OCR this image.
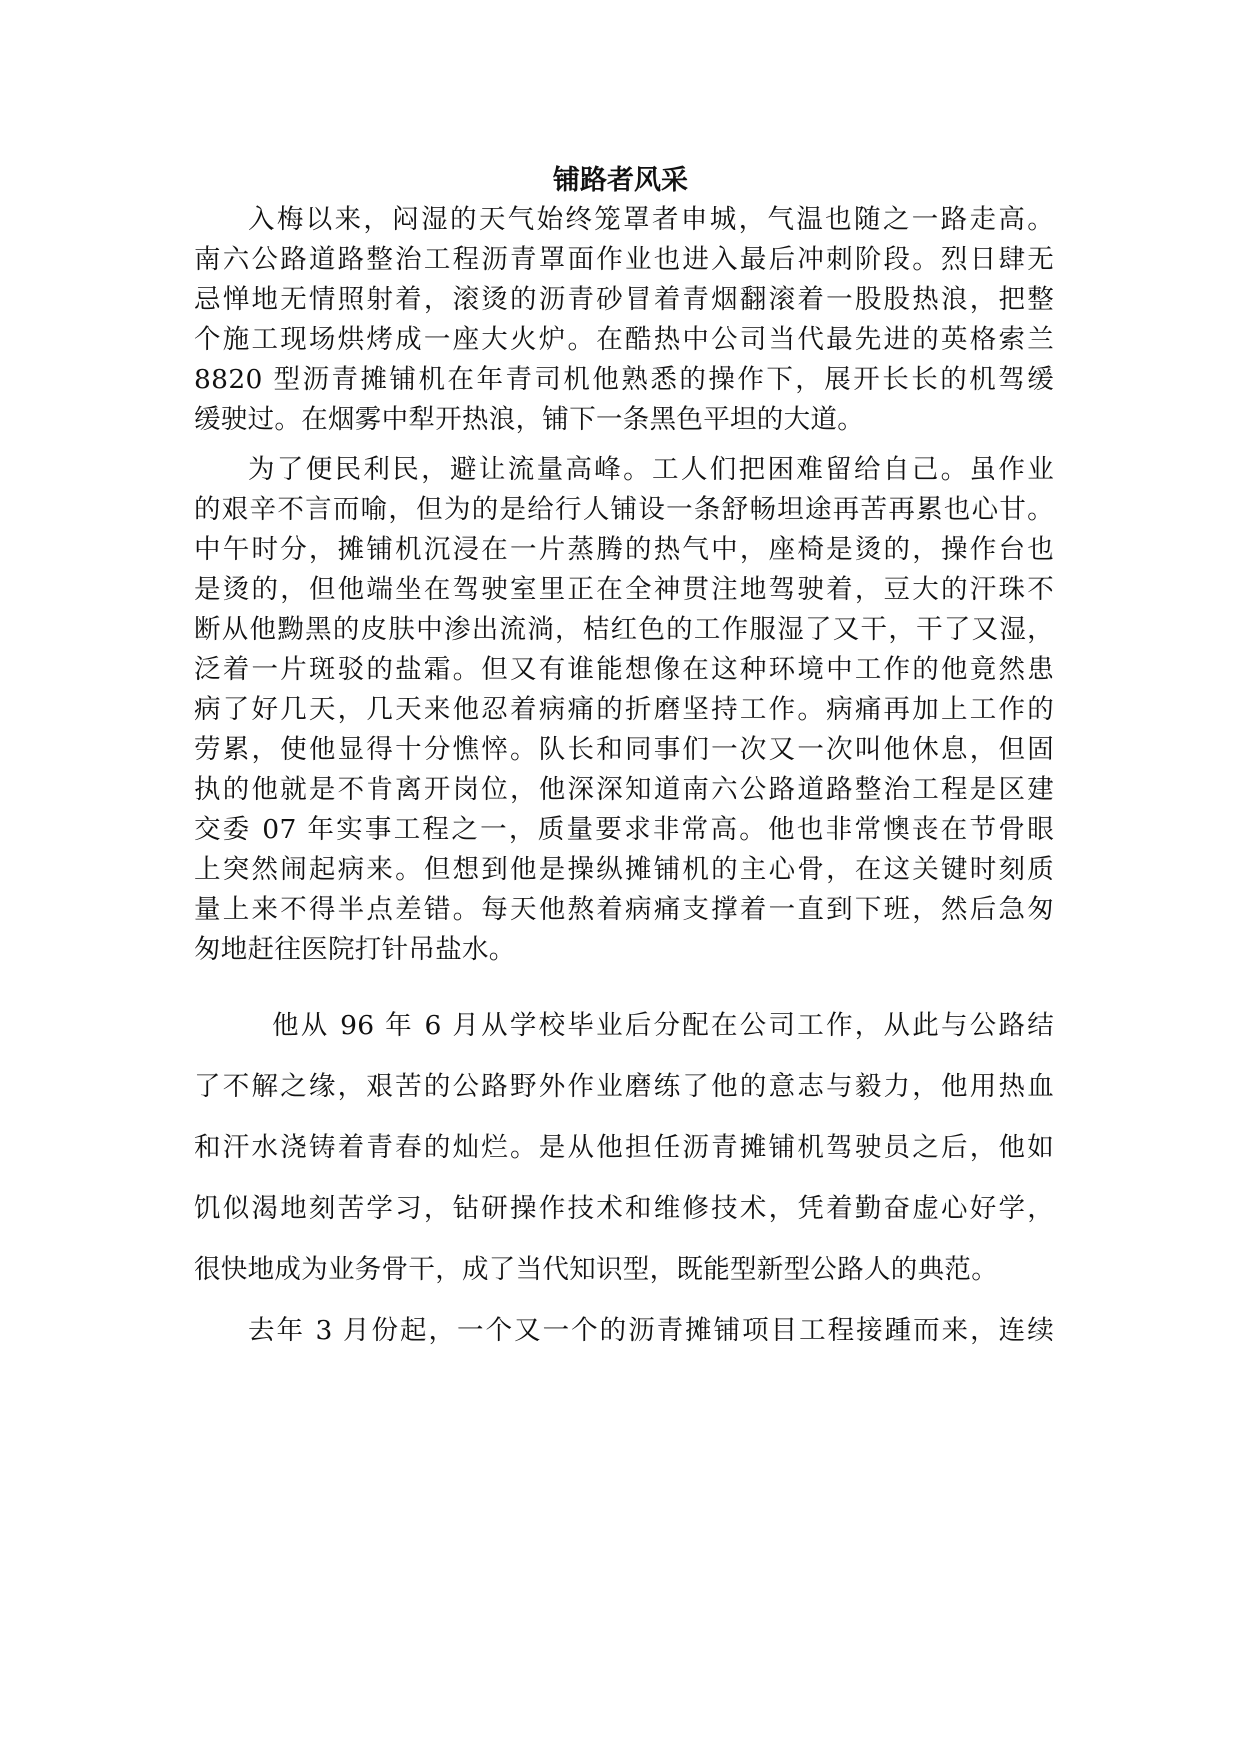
铺路者风采
入梅以来，闷湿的天气始终笼罩者申城，气温也随之一路走高。
南六公路道路整治工程沥青罩面作业也进入最后冲刺阶段。烈日肆无
忌惮地无情照射着，滚烫的沥青砂冒着青烟翻滚着一股股热浪，把整
个施工现场烘烤成一座大火炉。在酷热中公司当代最先进的英格索兰
8820 型沥青摊铺机在年青司机他熟悉的操作下，展开长长的机驾缓
缓驶过。在烟雾中犁开热浪，铺下一条黑色平坦的大道。
为了便民利民，避让流量高峰。工人们把困难留给自己。虽作业
的艰辛不言而喻，但为的是给行人铺设一条舒畅坦途再苦再累也心甘。
中午时分，摊铺机沉浸在一片蒸腾的热气中，座椅是烫的，操作台也
是烫的，但他端坐在驾驶室里正在全神贯注地驾驶着，豆大的汗珠不
断从他黝黑的皮肤中渗出流淌，桔红色的工作服湿了又干，干了又湿，
泛着一片斑驳的盐霜。但又有谁能想像在这种环境中工作的他竟然患
病了好几天，几天来他忍着病痛的折磨坚持工作。病痛再加上工作的
劳累，使他显得十分憔悴。队长和同事们一次又一次叫他休息，但固
执的他就是不肯离开岗位，他深深知道南六公路道路整治工程是区建
交委 07 年实事工程之一，质量要求非常高。他也非常懊丧在节骨眼
上突然闹起病来。但想到他是操纵摊铺机的主心骨，在这关键时刻质
量上来不得半点差错。每天他熬着病痛支撑着一直到下班，然后急匆
匆地赶往医院打针吊盐水。
他从 96 年 6 月从学校毕业后分配在公司工作，从此与公路结
了不解之缘，艰苦的公路野外作业磨练了他的意志与毅力，他用热血
和汗水浇铸着青春的灿烂。是从他担任沥青摊铺机驾驶员之后，他如
饥似渴地刻苦学习，钻研操作技术和维修技术，凭着勤奋虚心好学，
很快地成为业务骨干，成了当代知识型，既能型新型公路人的典范。
去年 3 月份起，一个又一个的沥青摊铺项目工程接踵而来，连续
